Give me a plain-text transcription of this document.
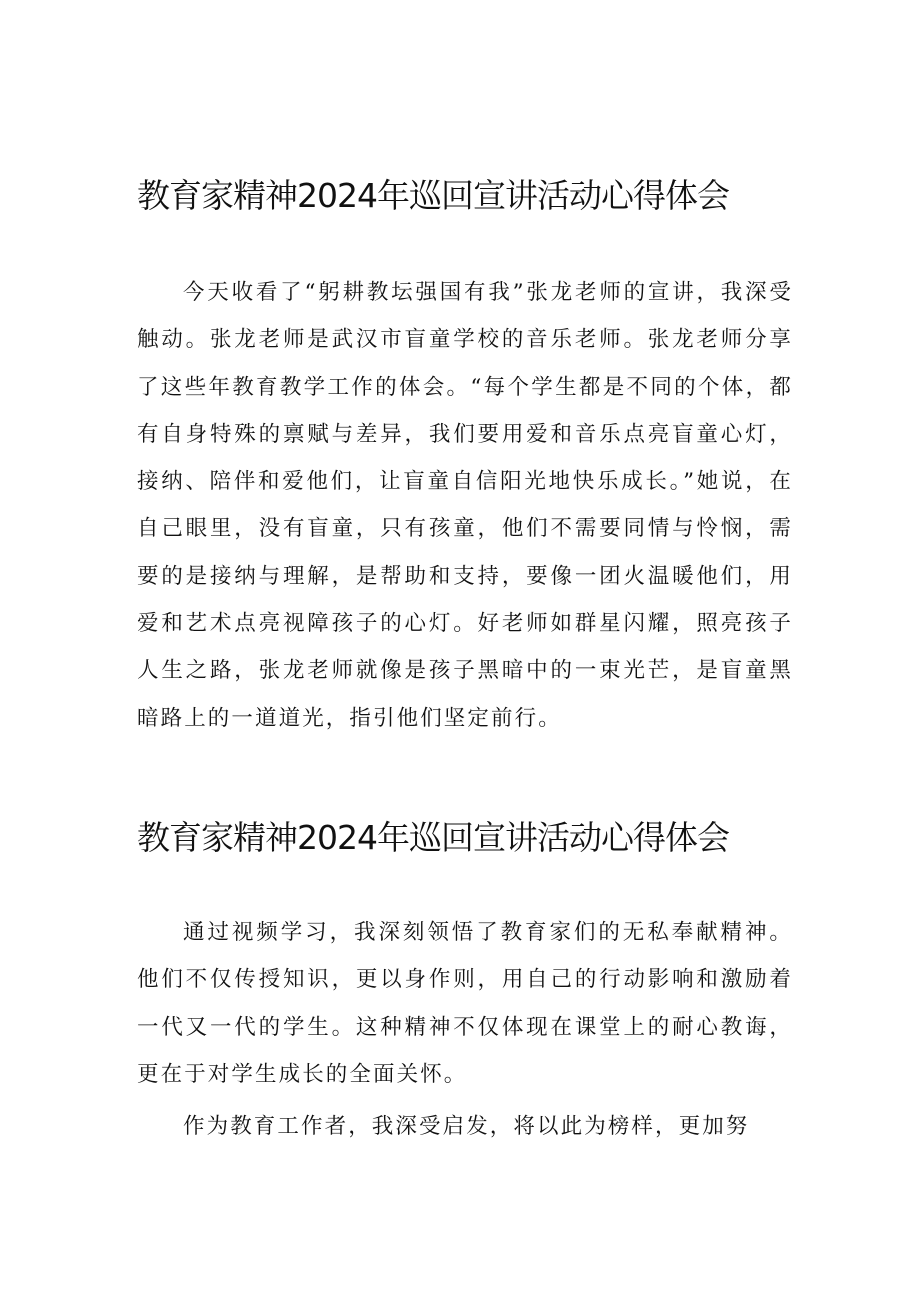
教育家精神2024年巡回宣讲活动心得体会

今天收看了“躬耕教坛强国有我”张龙老师的宣讲，我深受触动。张龙老师是武汉市盲童学校的音乐老师。张龙老师分享了这些年教育教学工作的体会。“每个学生都是不同的个体，都有自身特殊的禀赋与差异，我们要用爱和音乐点亮盲童心灯，接纳、陪伴和爱他们，让盲童自信阳光地快乐成长。”她说，在自己眼里，没有盲童，只有孩童，他们不需要同情与怜悯，需要的是接纳与理解，是帮助和支持，要像一团火温暖他们，用爱和艺术点亮视障孩子的心灯。好老师如群星闪耀，照亮孩子人生之路，张龙老师就像是孩子黑暗中的一束光芒，是盲童黑暗路上的一道道光，指引他们坚定前行。

教育家精神2024年巡回宣讲活动心得体会

通过视频学习，我深刻领悟了教育家们的无私奉献精神。他们不仅传授知识，更以身作则，用自己的行动影响和激励着一代又一代的学生。这种精神不仅体现在课堂上的耐心教诲，更在于对学生成长的全面关怀。

作为教育工作者，我深受启发，将以此为榜样，更加努
